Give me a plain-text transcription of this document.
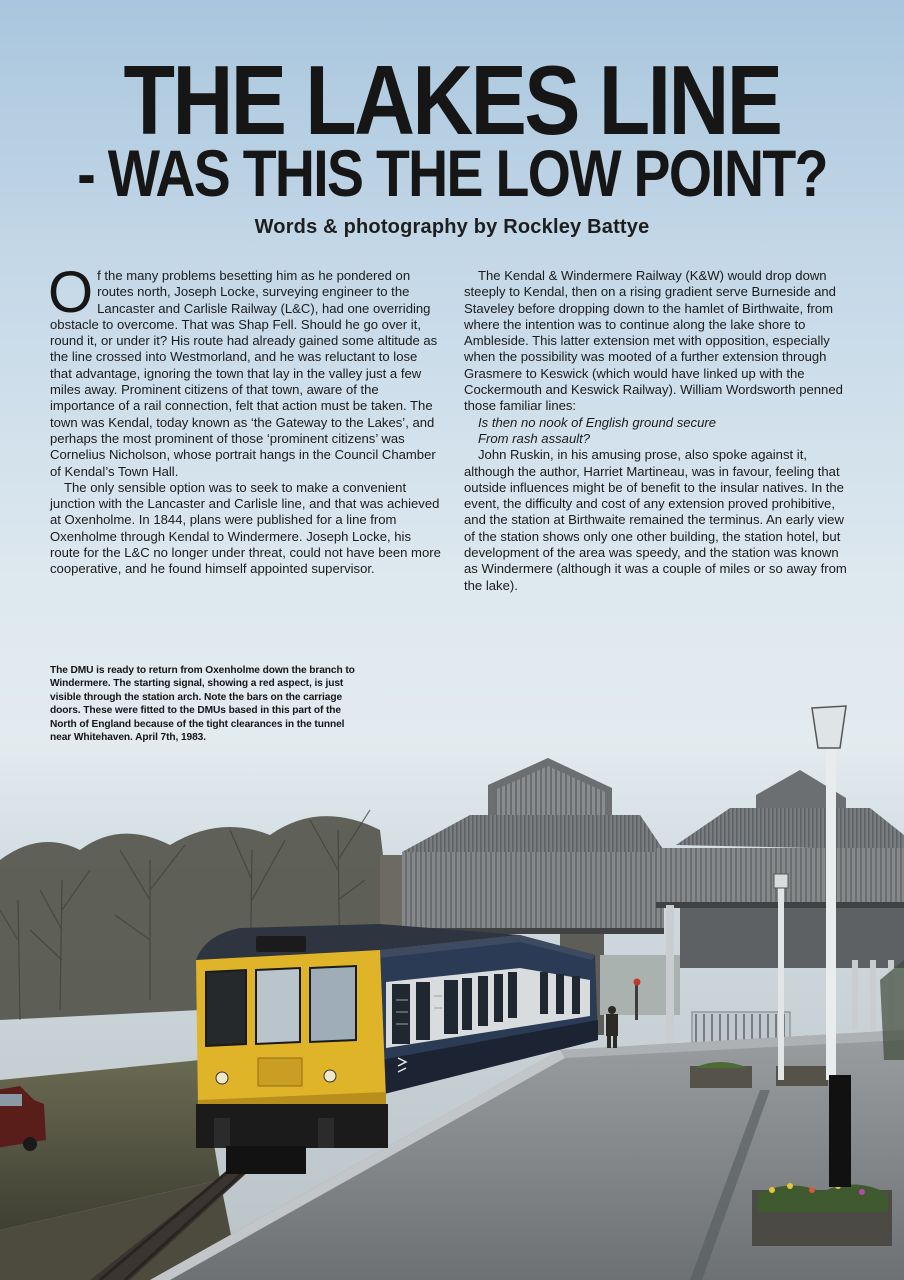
THE LAKES LINE
- WAS THIS THE LOW POINT?
Words & photography by Rockley Battye

Of the many problems besetting him as he pondered on routes north, Joseph Locke, surveying engineer to the Lancaster and Carlisle Railway (L&C), had one overriding obstacle to overcome. That was Shap Fell. Should he go over it, round it, or under it? His route had already gained some altitude as the line crossed into Westmorland, and he was reluctant to lose that advantage, ignoring the town that lay in the valley just a few miles away. Prominent citizens of that town, aware of the importance of a rail connection, felt that action must be taken. The town was Kendal, today known as ‘the Gateway to the Lakes’, and perhaps the most prominent of those ‘prominent citizens’ was Cornelius Nicholson, whose portrait hangs in the Council Chamber of Kendal’s Town Hall.

The only sensible option was to seek to make a convenient junction with the Lancaster and Carlisle line, and that was achieved at Oxenholme. In 1844, plans were published for a line from Oxenholme through Kendal to Windermere. Joseph Locke, his route for the L&C no longer under threat, could not have been more cooperative, and he found himself appointed supervisor.

The Kendal & Windermere Railway (K&W) would drop down steeply to Kendal, then on a rising gradient serve Burneside and Staveley before dropping down to the hamlet of Birthwaite, from where the intention was to continue along the lake shore to Ambleside. This latter extension met with opposition, especially when the possibility was mooted of a further extension through Grasmere to Keswick (which would have linked up with the Cockermouth and Keswick Railway). William Wordsworth penned those familiar lines:

Is then no nook of English ground secure

From rash assault?

John Ruskin, in his amusing prose, also spoke against it, although the author, Harriet Martineau, was in favour, feeling that outside influences might be of benefit to the insular natives. In the event, the difficulty and cost of any extension proved prohibitive, and the station at Birthwaite remained the terminus. An early view of the station shows only one other building, the station hotel, but development of the area was speedy, and the station was known as Windermere (although it was a couple of miles or so away from the lake).

The DMU is ready to return from Oxenholme down the branch to Windermere. The starting signal, showing a red aspect, is just visible through the station arch. Note the bars on the carriage doors. These were fitted to the DMUs based in this part of the North of England because of the tight clearances in the tunnel near Whitehaven. April 7th, 1983.
